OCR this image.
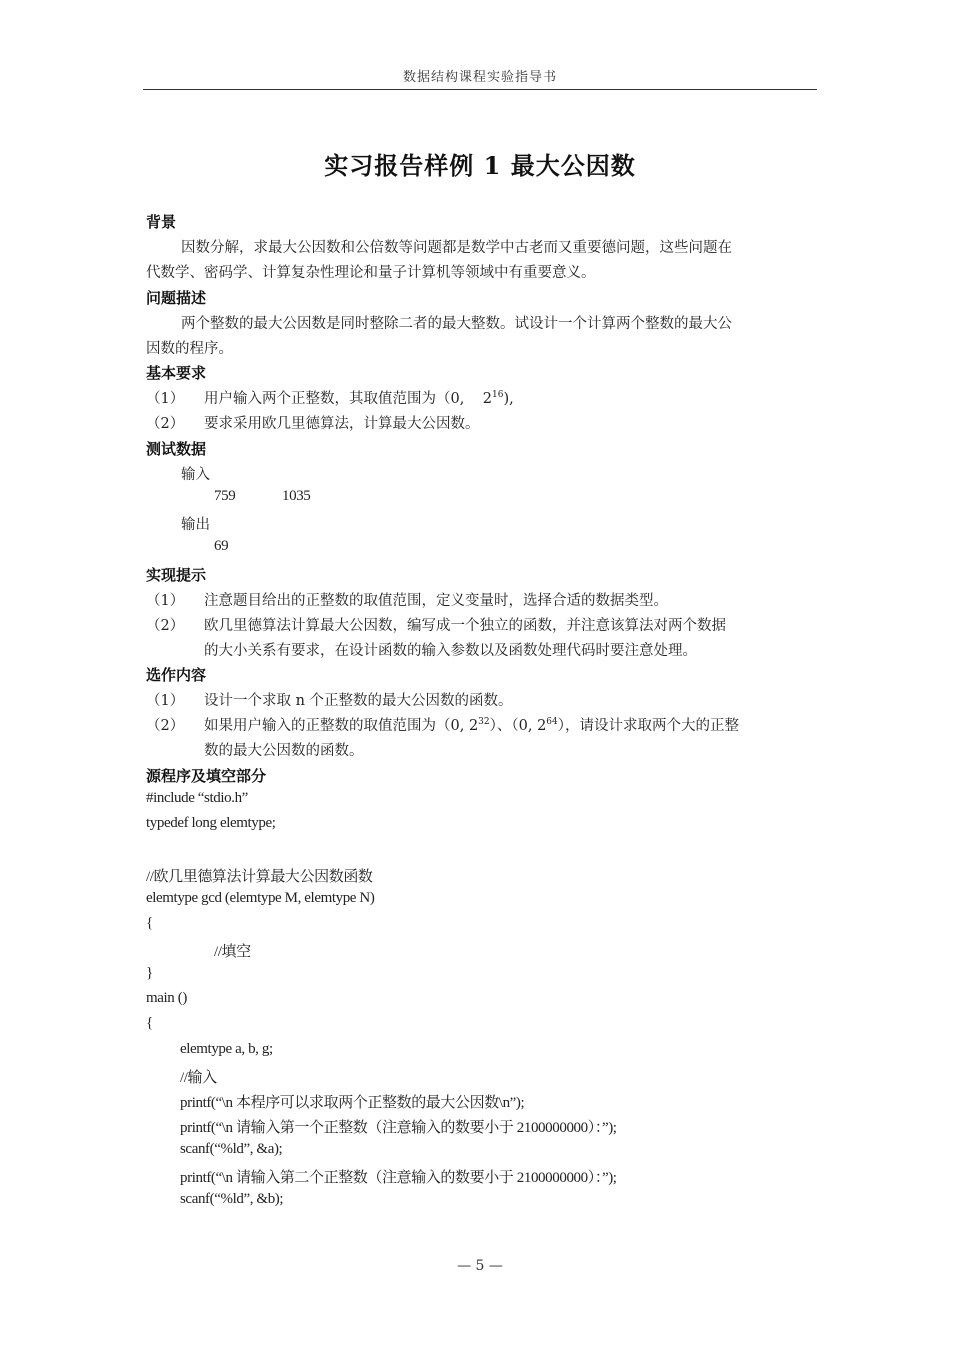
数据结构课程实验指导书
实习报告样例 1 最大公因数
背景
因数分解，求最大公因数和公倍数等问题都是数学中古老而又重要德问题，这些问题在
代数学、密码学、计算复杂性理论和量子计算机等领域中有重要意义。
问题描述
两个整数的最大公因数是同时整除二者的最大整数。试设计一个计算两个整数的最大公
因数的程序。
基本要求
（1） 用户输入两个正整数，其取值范围为（0, $2^{16}$),
（2） 要求采用欧几里德算法，计算最大公因数。
测试数据
输入
759	1035
输出
69
实现提示
（1） 注意题目给出的正整数的取值范围，定义变量时，选择合适的数据类型。
（2） 欧几里德算法计算最大公因数，编写成一个独立的函数，并注意该算法对两个数据
的大小关系有要求，在设计函数的输入参数以及函数处理代码时要注意处理。
选作内容
（1） 设计一个求取 n 个正整数的最大公因数的函数。
（2） 如果用户输入的正整数的取值范围为（0, $2^{32}$）、（0, $2^{64}$），请设计求取两个大的正整
数的最大公因数的函数。
源程序及填空部分
#include “stdio.h”
typedef long elemtype;
//欧几里德算法计算最大公因数函数
elemtype gcd (elemtype M, elemtype N)
{
//填空
}
main ()
{
elemtype a, b, g;
//输入
printf(“\n 本程序可以求取两个正整数的最大公因数\n”);
printf(“\n 请输入第一个正整数（注意输入的数要小于 2100000000）：”);
scanf(“%ld”, &a);
printf(“\n 请输入第二个正整数（注意输入的数要小于 2100000000）：”);
scanf(“%ld”, &b);
— 5 —
